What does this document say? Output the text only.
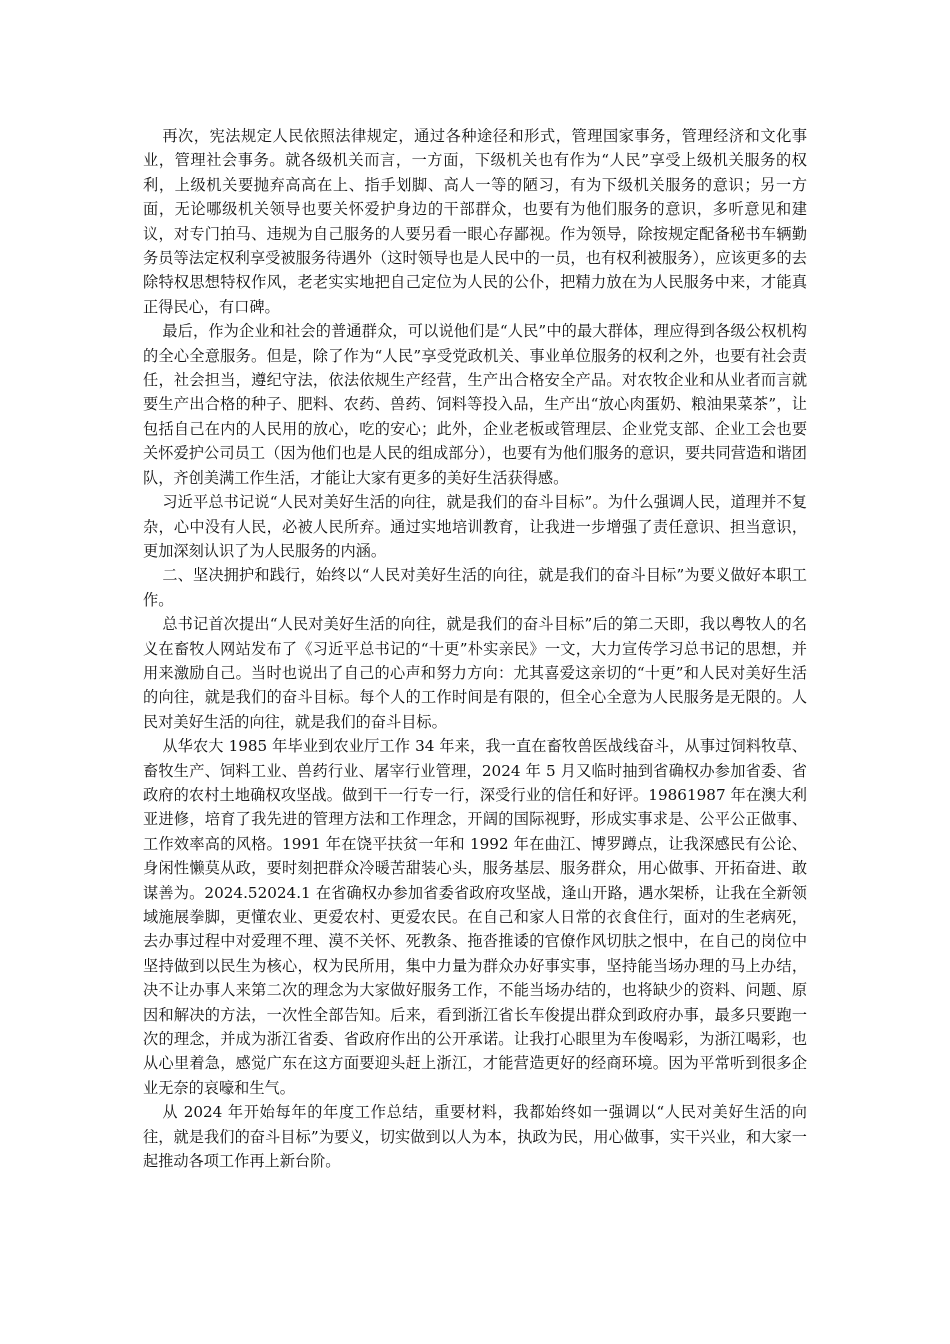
再次，宪法规定人民依照法律规定，通过各种途径和形式，管理国家事务，管理经济和文化事业，管理社会事务。就各级机关而言，一方面，下级机关也有作为“人民”享受上级机关服务的权利，上级机关要抛弃高高在上、指手划脚、高人一等的陋习，有为下级机关服务的意识；另一方面，无论哪级机关领导也要关怀爱护身边的干部群众，也要有为他们服务的意识，多听意见和建议，对专门拍马、违规为自己服务的人要另看一眼心存鄙视。作为领导，除按规定配备秘书车辆勤务员等法定权利享受被服务待遇外（这时领导也是人民中的一员，也有权利被服务），应该更多的去除特权思想特权作风，老老实实地把自己定位为人民的公仆，把精力放在为人民服务中来，才能真正得民心，有口碑。

最后，作为企业和社会的普通群众，可以说他们是“人民”中的最大群体，理应得到各级公权机构的全心全意服务。但是，除了作为“人民”享受党政机关、事业单位服务的权利之外，也要有社会责任，社会担当，遵纪守法，依法依规生产经营，生产出合格安全产品。对农牧企业和从业者而言就要生产出合格的种子、肥料、农药、兽药、饲料等投入品，生产出“放心肉蛋奶、粮油果菜茶”，让包括自己在内的人民用的放心，吃的安心；此外，企业老板或管理层、企业党支部、企业工会也要关怀爱护公司员工（因为他们也是人民的组成部分），也要有为他们服务的意识，要共同营造和谐团队，齐创美满工作生活，才能让大家有更多的美好生活获得感。

习近平总书记说“人民对美好生活的向往，就是我们的奋斗目标”。为什么强调人民，道理并不复杂，心中没有人民，必被人民所弃。通过实地培训教育，让我进一步增强了责任意识、担当意识，更加深刻认识了为人民服务的内涵。

二、坚决拥护和践行，始终以“人民对美好生活的向往，就是我们的奋斗目标”为要义做好本职工作。

总书记首次提出“人民对美好生活的向往，就是我们的奋斗目标”后的第二天即，我以粤牧人的名义在畜牧人网站发布了《习近平总书记的“十更”朴实亲民》一文，大力宣传学习总书记的思想，并用来激励自己。当时也说出了自己的心声和努力方向：尤其喜爱这亲切的“十更”和人民对美好生活的向往，就是我们的奋斗目标。每个人的工作时间是有限的，但全心全意为人民服务是无限的。人民对美好生活的向往，就是我们的奋斗目标。

从华农大 1985 年毕业到农业厅工作 34 年来，我一直在畜牧兽医战线奋斗，从事过饲料牧草、畜牧生产、饲料工业、兽药行业、屠宰行业管理，2024 年 5 月又临时抽到省确权办参加省委、省政府的农村土地确权攻坚战。做到干一行专一行，深受行业的信任和好评。19861987 年在澳大利亚进修，培育了我先进的管理方法和工作理念，开阔的国际视野，形成实事求是、公平公正做事、工作效率高的风格。1991 年在饶平扶贫一年和 1992 年在曲江、博罗蹲点，让我深感民有公论、身闲性懒莫从政，要时刻把群众冷暖苦甜装心头，服务基层、服务群众，用心做事、开拓奋进、敢谋善为。2024.52024.1 在省确权办参加省委省政府攻坚战，逢山开路，遇水架桥，让我在全新领域施展拳脚，更懂农业、更爱农村、更爱农民。在自己和家人日常的衣食住行，面对的生老病死，去办事过程中对爱理不理、漠不关怀、死教条、拖沓推诿的官僚作风切肤之恨中，在自己的岗位中坚持做到以民生为核心，权为民所用，集中力量为群众办好事实事，坚持能当场办理的马上办结，决不让办事人来第二次的理念为大家做好服务工作，不能当场办结的，也将缺少的资料、问题、原因和解决的方法，一次性全部告知。后来，看到浙江省长车俊提出群众到政府办事，最多只要跑一次的理念，并成为浙江省委、省政府作出的公开承诺。让我打心眼里为车俊喝彩，为浙江喝彩，也从心里着急，感觉广东在这方面要迎头赶上浙江，才能营造更好的经商环境。因为平常听到很多企业无奈的哀嚎和生气。

从 2024 年开始每年的年度工作总结，重要材料，我都始终如一强调以“人民对美好生活的向往，就是我们的奋斗目标”为要义，切实做到以人为本，执政为民，用心做事，实干兴业，和大家一起推动各项工作再上新台阶。
